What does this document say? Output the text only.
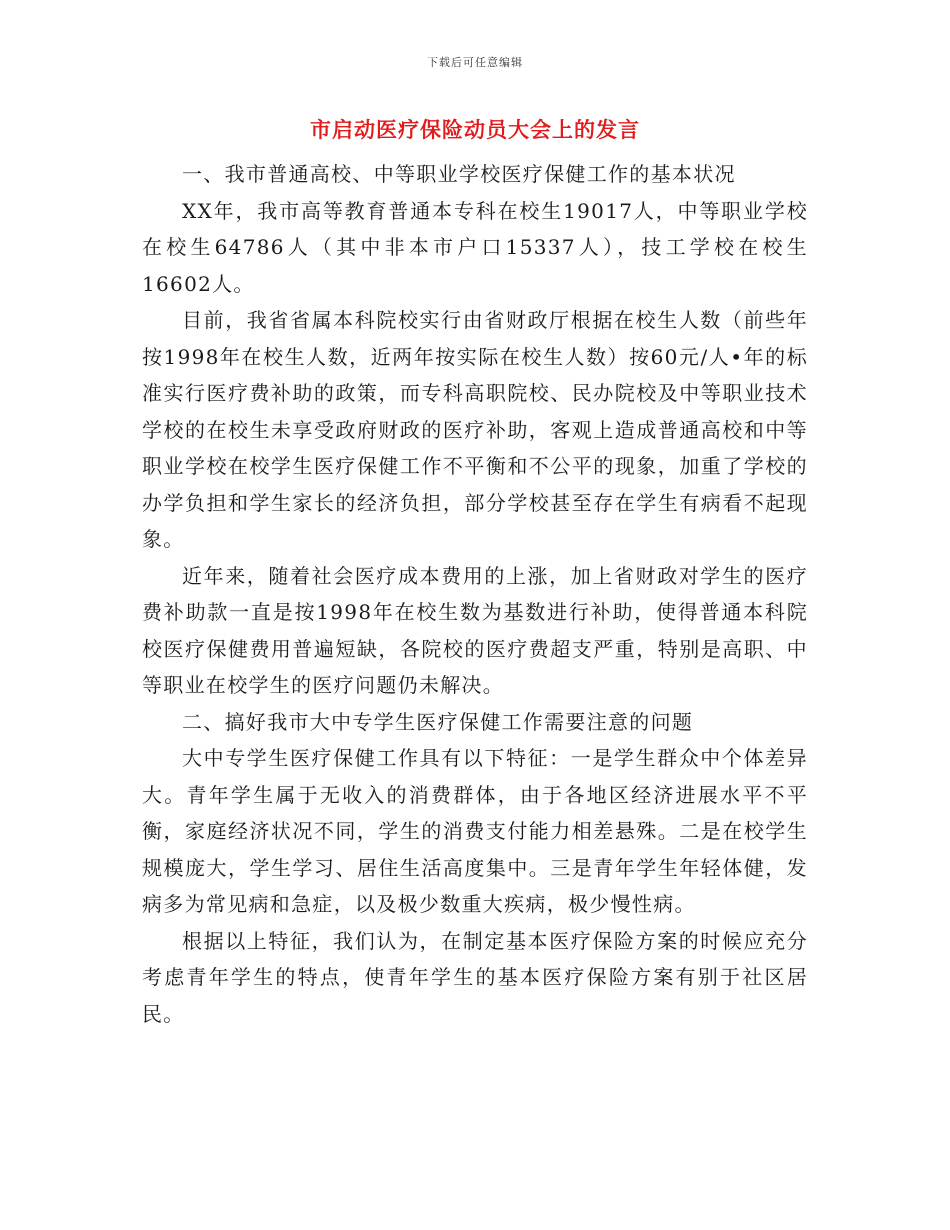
下载后可任意编辑
市启动医疗保险动员大会上的发言

一、我市普通高校、中等职业学校医疗保健工作的基本状况

XX年，我市高等教育普通本专科在校生19017人，中等职业学校在校生64786人（其中非本市户口15337人），技工学校在校生16602人。

目前，我省省属本科院校实行由省财政厅根据在校生人数（前些年按1998年在校生人数，近两年按实际在校生人数）按60元/人•年的标准实行医疗费补助的政策，而专科高职院校、民办院校及中等职业技术学校的在校生未享受政府财政的医疗补助，客观上造成普通高校和中等职业学校在校学生医疗保健工作不平衡和不公平的现象，加重了学校的办学负担和学生家长的经济负担，部分学校甚至存在学生有病看不起现象。

近年来，随着社会医疗成本费用的上涨，加上省财政对学生的医疗费补助款一直是按1998年在校生数为基数进行补助，使得普通本科院校医疗保健费用普遍短缺，各院校的医疗费超支严重，特别是高职、中等职业在校学生的医疗问题仍未解决。

二、搞好我市大中专学生医疗保健工作需要注意的问题

大中专学生医疗保健工作具有以下特征：一是学生群众中个体差异大。青年学生属于无收入的消费群体，由于各地区经济进展水平不平衡，家庭经济状况不同，学生的消费支付能力相差悬殊。二是在校学生规模庞大，学生学习、居住生活高度集中。三是青年学生年轻体健，发病多为常见病和急症，以及极少数重大疾病，极少慢性病。

根据以上特征，我们认为，在制定基本医疗保险方案的时候应充分考虑青年学生的特点，使青年学生的基本医疗保险方案有别于社区居民。
